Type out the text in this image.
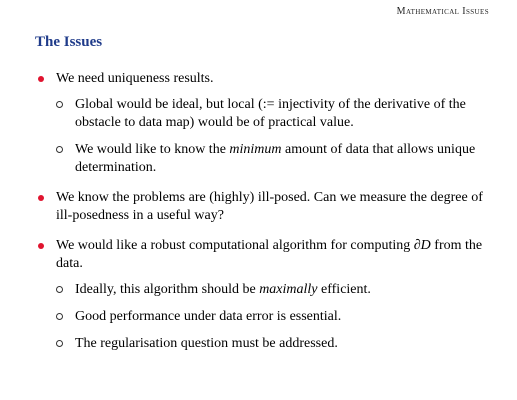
Mathematical Issues
The Issues
We need uniqueness results.
Global would be ideal, but local (:= injectivity of the derivative of the obstacle to data map) would be of practical value.
We would like to know the minimum amount of data that allows unique determination.
We know the problems are (highly) ill-posed. Can we measure the degree of ill-posedness in a useful way?
We would like a robust computational algorithm for computing ∂D from the data.
Ideally, this algorithm should be maximally efficient.
Good performance under data error is essential.
The regularisation question must be addressed.
